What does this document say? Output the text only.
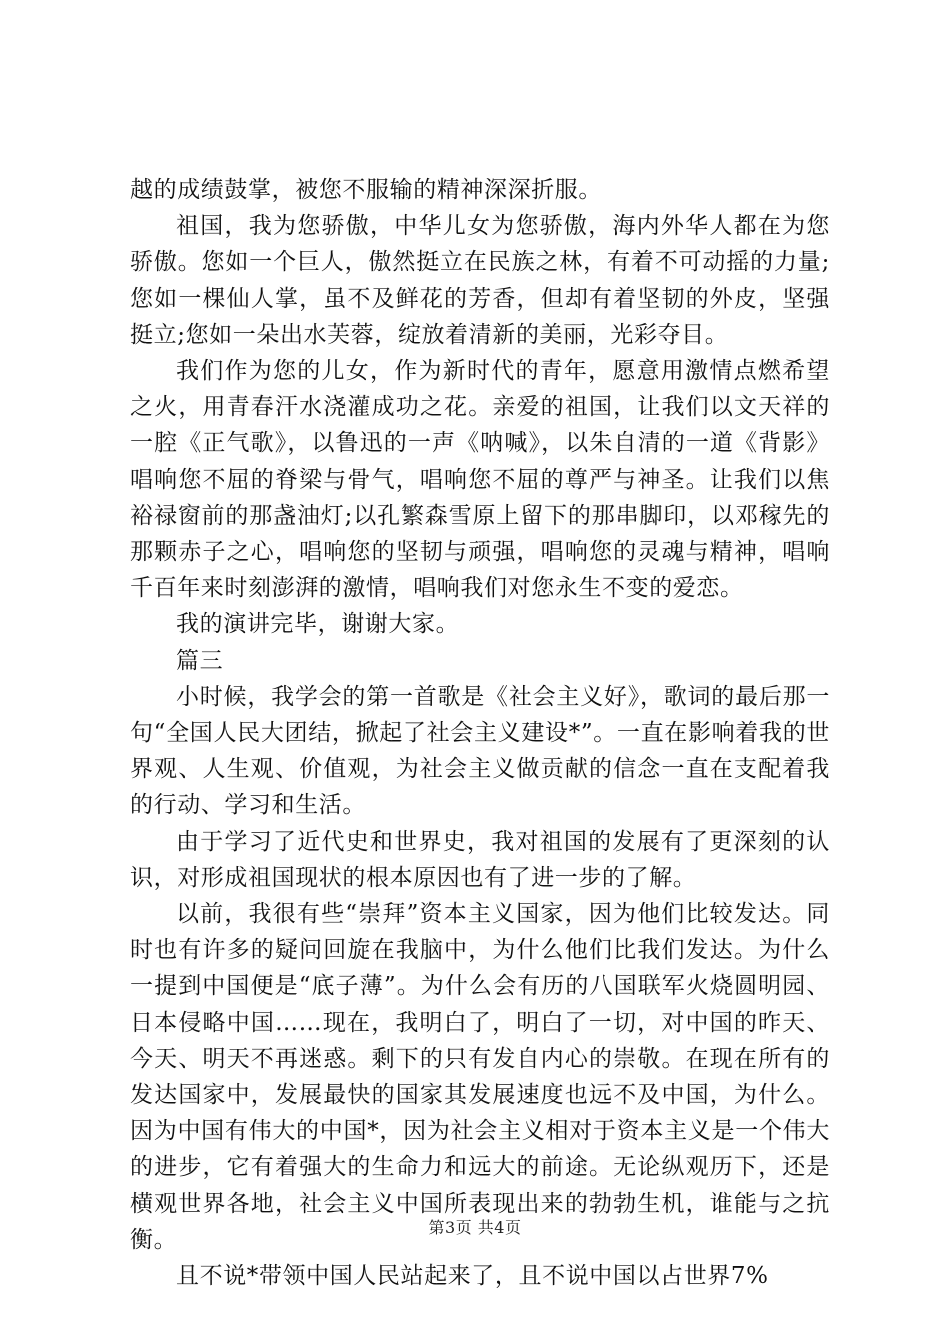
越的成绩鼓掌，被您不服输的精神深深折服。

祖国，我为您骄傲，中华儿女为您骄傲，海内外华人都在为您骄傲。您如一个巨人，傲然挺立在民族之林，有着不可动摇的力量;您如一棵仙人掌，虽不及鲜花的芳香，但却有着坚韧的外皮，坚强挺立;您如一朵出水芙蓉，绽放着清新的美丽，光彩夺目。

我们作为您的儿女，作为新时代的青年，愿意用激情点燃希望之火，用青春汗水浇灌成功之花。亲爱的祖国，让我们以文天祥的一腔《正气歌》，以鲁迅的一声《呐喊》，以朱自清的一道《背影》唱响您不屈的脊梁与骨气，唱响您不屈的尊严与神圣。让我们以焦裕禄窗前的那盏油灯;以孔繁森雪原上留下的那串脚印，以邓稼先的那颗赤子之心，唱响您的坚韧与顽强，唱响您的灵魂与精神，唱响千百年来时刻澎湃的激情，唱响我们对您永生不变的爱恋。

我的演讲完毕，谢谢大家。

篇三

小时候，我学会的第一首歌是《社会主义好》，歌词的最后那一句“全国人民大团结，掀起了社会主义建设*”。一直在影响着我的世界观、人生观、价值观，为社会主义做贡献的信念一直在支配着我的行动、学习和生活。

由于学习了近代史和世界史，我对祖国的发展有了更深刻的认识，对形成祖国现状的根本原因也有了进一步的了解。

以前，我很有些“崇拜”资本主义国家，因为他们比较发达。同时也有许多的疑问回旋在我脑中，为什么他们比我们发达。为什么一提到中国便是“底子薄”。为什么会有历的八国联军火烧圆明园、日本侵略中国……现在，我明白了，明白了一切，对中国的昨天、今天、明天不再迷惑。剩下的只有发自内心的崇敬。在现在所有的发达国家中，发展最快的国家其发展速度也远不及中国，为什么。因为中国有伟大的中国*，因为社会主义相对于资本主义是一个伟大的进步，它有着强大的生命力和远大的前途。无论纵观历下，还是横观世界各地，社会主义中国所表现出来的勃勃生机，谁能与之抗衡。

且不说*带领中国人民站起来了，且不说中国以占世界7%

第3页 共4页
